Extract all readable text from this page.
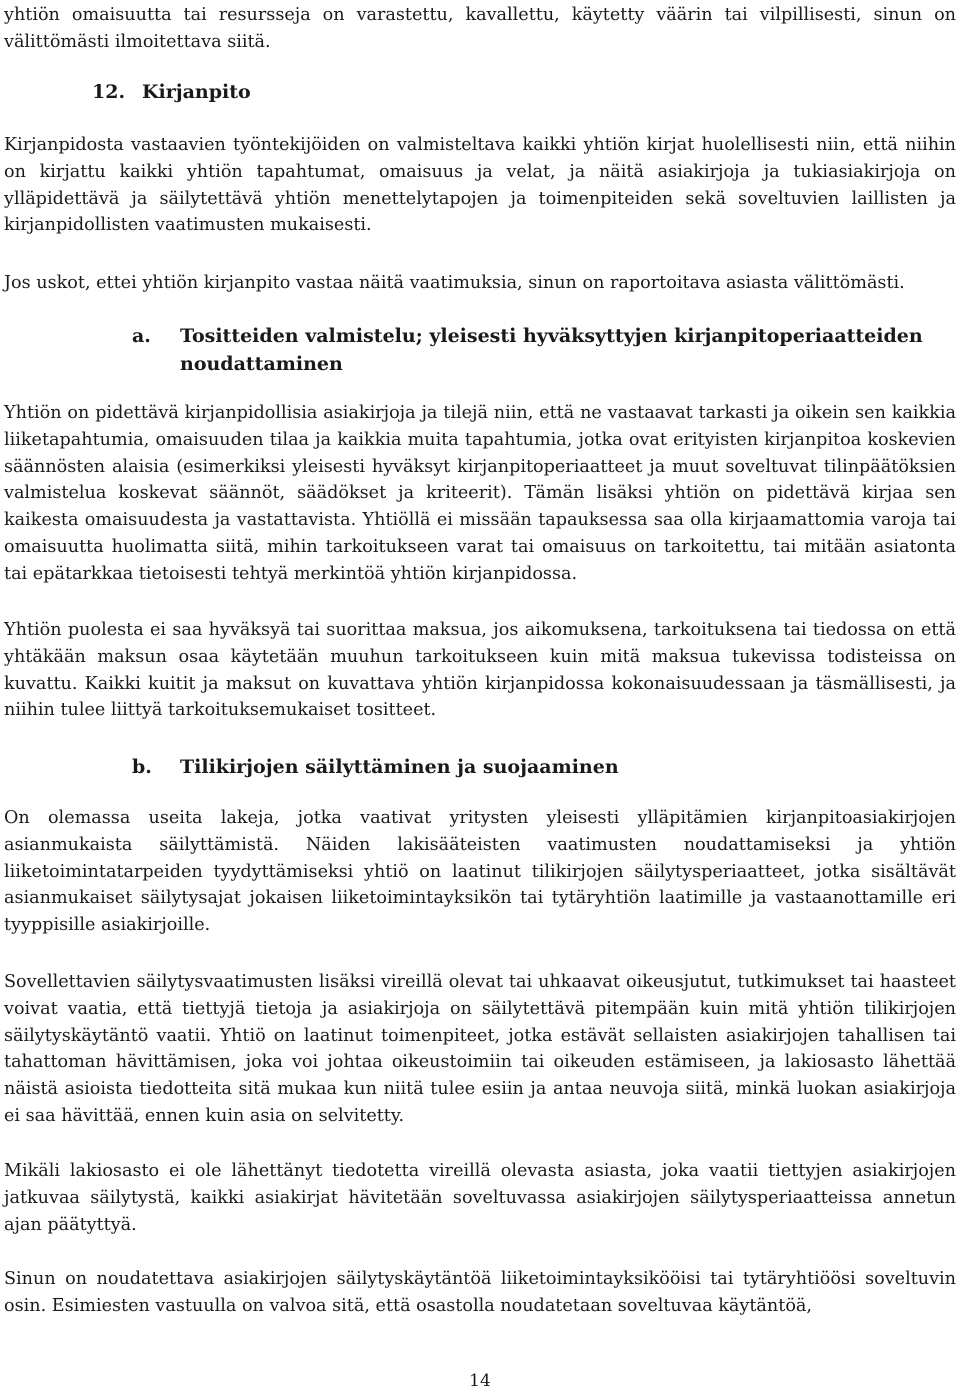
yhtiön omaisuutta tai resursseja on varastettu, kavallettu, käytetty väärin tai vilpillisesti, sinun on välittömästi ilmoitettava siitä.

12. Kirjanpito

Kirjanpidosta vastaavien työntekijöiden on valmisteltava kaikki yhtiön kirjat huolellisesti niin, että niihin on kirjattu kaikki yhtiön tapahtumat, omaisuus ja velat, ja näitä asiakirjoja ja tukiasiakirjoja on ylläpidettävä ja säilytettävä yhtiön menettelytapojen ja toimenpiteiden sekä soveltuvien laillisten ja kirjanpidollisten vaatimusten mukaisesti.

Jos uskot, ettei yhtiön kirjanpito vastaa näitä vaatimuksia, sinun on raportoitava asiasta välittömästi.

a. Tositteiden valmistelu; yleisesti hyväksyttyjen kirjanpitoperiaatteiden noudattaminen

Yhtiön on pidettävä kirjanpidollisia asiakirjoja ja tilejä niin, että ne vastaavat tarkasti ja oikein sen kaikkia liiketapahtumia, omaisuuden tilaa ja kaikkia muita tapahtumia, jotka ovat erityisten kirjanpitoa koskevien säännösten alaisia (esimerkiksi yleisesti hyväksyt kirjanpitoperiaatteet ja muut soveltuvat tilinpäätöksien valmistelua koskevat säännöt, säädökset ja kriteerit). Tämän lisäksi yhtiön on pidettävä kirjaa sen kaikesta omaisuudesta ja vastattavista. Yhtiöllä ei missään tapauksessa saa olla kirjaamattomia varoja tai omaisuutta huolimatta siitä, mihin tarkoitukseen varat tai omaisuus on tarkoitettu, tai mitään asiatonta tai epätarkkaa tietoisesti tehtyä merkintöä yhtiön kirjanpidossa.

Yhtiön puolesta ei saa hyväksyä tai suorittaa maksua, jos aikomuksena, tarkoituksena tai tiedossa on että yhtäkään maksun osaa käytetään muuhun tarkoitukseen kuin mitä maksua tukevissa todisteissa on kuvattu. Kaikki kuitit ja maksut on kuvattava yhtiön kirjanpidossa kokonaisuudessaan ja täsmällisesti, ja niihin tulee liittyä tarkoituksemukaiset tositteet.

b. Tilikirjojen säilyttäminen ja suojaaminen

On olemassa useita lakeja, jotka vaativat yritysten yleisesti ylläpitämien kirjanpitoasiakirjojen asianmukaista säilyttämistä. Näiden lakisääteisten vaatimusten noudattamiseksi ja yhtiön liiketoimintatarpeiden tyydyttämiseksi yhtiö on laatinut tilikirjojen säilytysperiaatteet, jotka sisältävät asianmukaiset säilytysajat jokaisen liiketoimintayksikön tai tytäryhtiön laatimille ja vastaanottamille eri tyyppisille asiakirjoille.

Sovellettavien säilytysvaatimusten lisäksi vireillä olevat tai uhkaavat oikeusjutut, tutkimukset tai haasteet voivat vaatia, että tiettyjä tietoja ja asiakirjoja on säilytettävä pitempään kuin mitä yhtiön tilikirjojen säilytyskäytäntö vaatii. Yhtiö on laatinut toimenpiteet, jotka estävät sellaisten asiakirjojen tahallisen tai tahattoman hävittämisen, joka voi johtaa oikeustoimiin tai oikeuden estämiseen, ja lakiosasto lähettää näistä asioista tiedotteita sitä mukaa kun niitä tulee esiin ja antaa neuvoja siitä, minkä luokan asiakirjoja ei saa hävittää, ennen kuin asia on selvitetty.

Mikäli lakiosasto ei ole lähettänyt tiedotetta vireillä olevasta asiasta, joka vaatii tiettyjen asiakirjojen jatkuvaa säilytystä, kaikki asiakirjat hävitetään soveltuvassa asiakirjojen säilytysperiaatteissa annetun ajan päätyttyä.

Sinun on noudatettava asiakirjojen säilytyskäytäntöä liiketoimintayksikööisi tai tytäryhtiöösi soveltuvin osin. Esimiesten vastuulla on valvoa sitä, että osastolla noudatetaan soveltuvaa käytäntöä,

14
